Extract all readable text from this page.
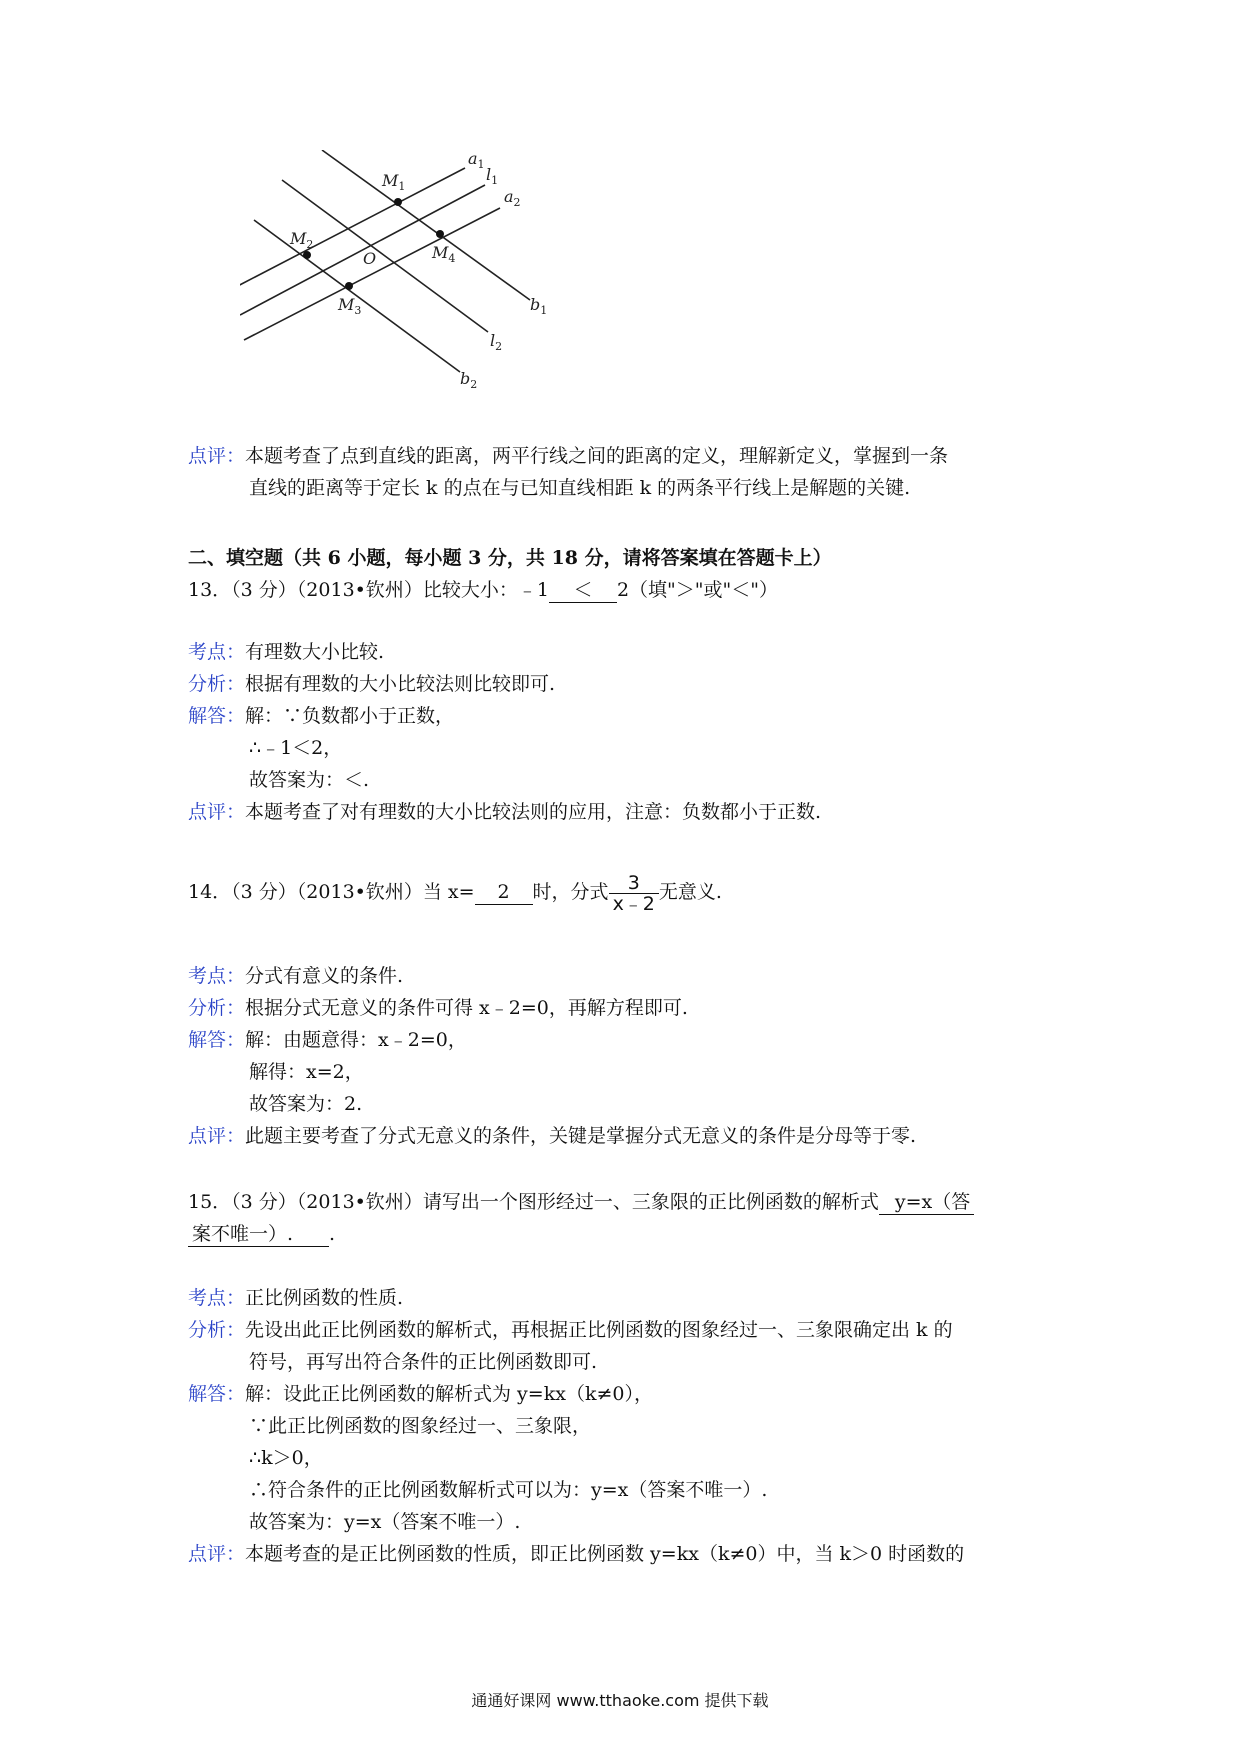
$a_1$
$l_1$
$a_2$
$M_1$
$M_2$
O	$M_4$
$M_3$	$b_1$
$l_2$
$b_2$

点评：本题考查了点到直线的距离，两平行线之间的距离的定义，理解新定义，掌握到一条

直线的距离等于定长 k 的点在与已知直线相距 k 的两条平行线上是解题的关键.

二、填空题（共 6 小题，每小题 3 分，共 18 分，请将答案填在答题卡上）

13．（3 分）（2013•钦州）比较大小：﹣1 ＜ 2（填"＞"或"＜"）

考点：有理数大小比较.

分析：根据有理数的大小比较法则比较即可.

解答：解：∵负数都小于正数，

∴﹣1＜2，

故答案为：＜.

点评：本题考查了对有理数的大小比较法则的应用，注意：负数都小于正数.

14．（3 分）（2013•钦州）当 x= 2 时，分式 $\frac{3}{x﹣2}$ 无意义.

考点：分式有意义的条件.

分析：根据分式无意义的条件可得 x﹣2=0，再解方程即可.

解答：解：由题意得：x﹣2=0，

解得：x=2，

故答案为：2.

点评：此题主要考查了分式无意义的条件，关键是掌握分式无意义的条件是分母等于零.

15．（3 分）（2013•钦州）请写出一个图形经过一、三象限的正比例函数的解析式 y=x（答

案不唯一）. .

考点：正比例函数的性质.

分析：先设出此正比例函数的解析式，再根据正比例函数的图象经过一、三象限确定出 k 的

符号，再写出符合条件的正比例函数即可.

解答：解：设此正比例函数的解析式为 y=kx（k≠0），

∵此正比例函数的图象经过一、三象限，

∴k＞0，

∴符合条件的正比例函数解析式可以为：y=x（答案不唯一）.

故答案为：y=x（答案不唯一）.

点评：本题考查的是正比例函数的性质，即正比例函数 y=kx（k≠0）中，当 k＞0 时函数的

通通好课网 www.tthaoke.com 提供下载
